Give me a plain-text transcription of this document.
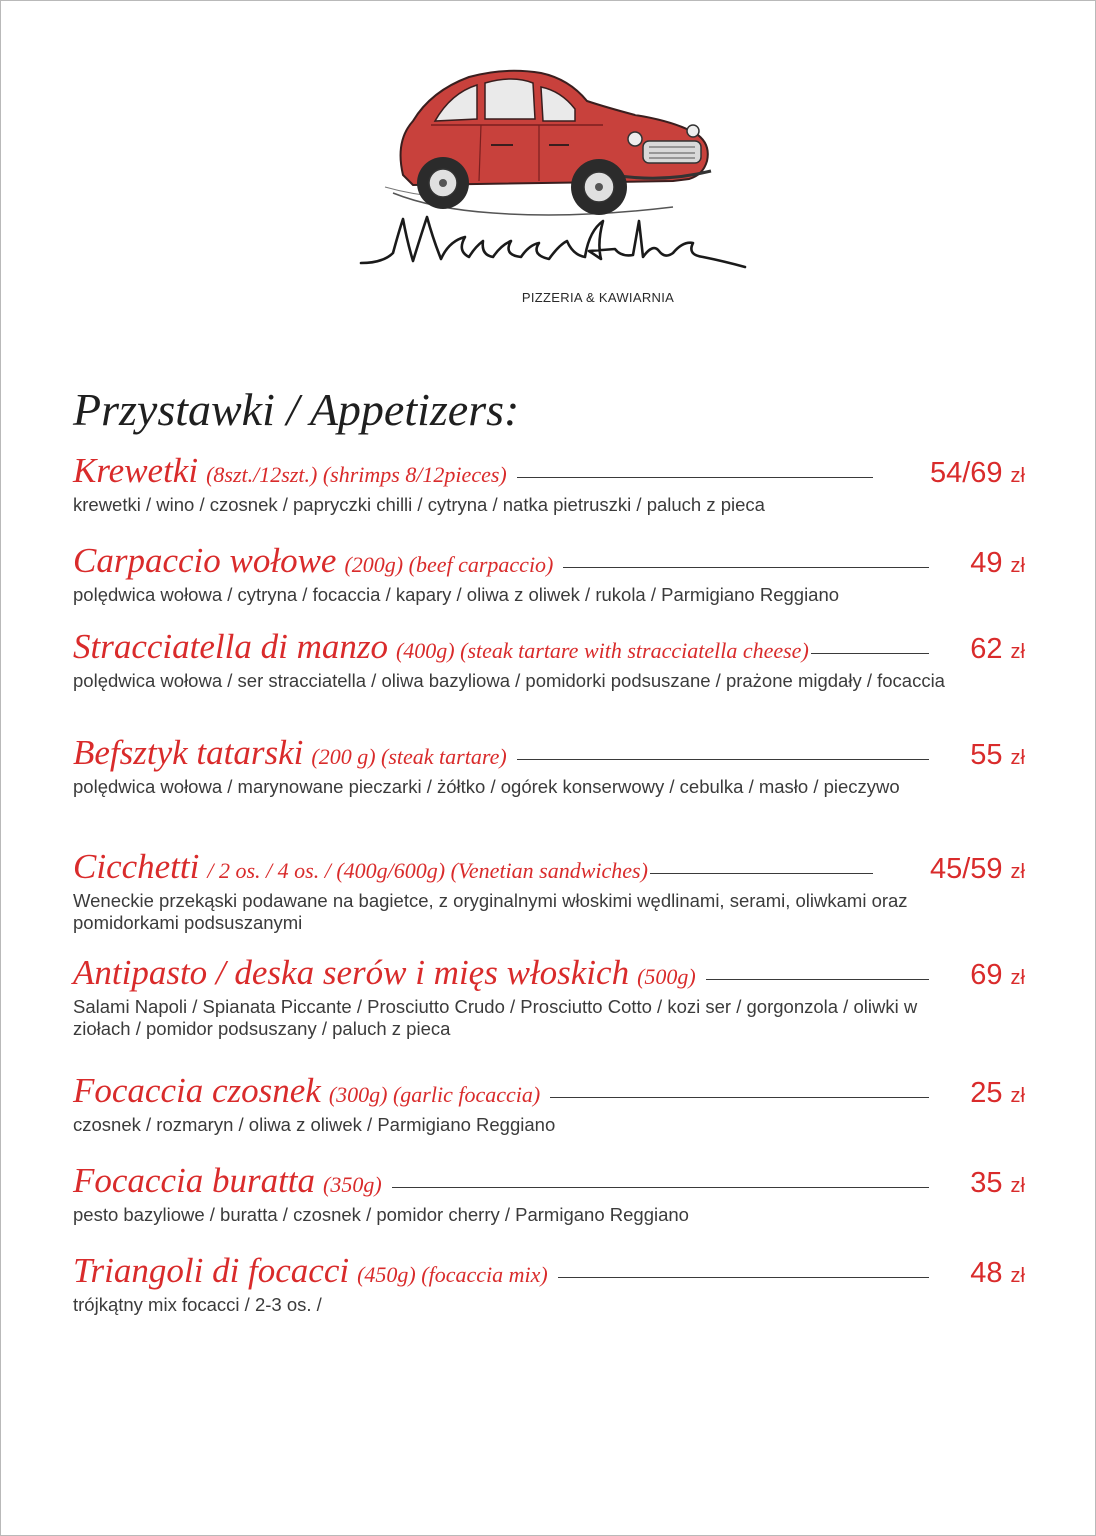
PIZZERIA & KAWIARNIA
Przystawki / Appetizers:
Krewetki (8szt./12szt.) (shrimps 8/12pieces)	54/69 zł
krewetki / wino / czosnek / papryczki chilli / cytryna / natka pietruszki / paluch z pieca
Carpaccio wołowe (200g) (beef carpaccio)	49 zł
polędwica wołowa / cytryna / focaccia / kapary / oliwa z oliwek / rukola / Parmigiano Reggiano
Stracciatella di manzo (400g) (steak tartare with stracciatella cheese)	62 zł
polędwica wołowa / ser stracciatella / oliwa bazyliowa / pomidorki podsuszane / prażone migdały / focaccia
Befsztyk tatarski (200 g) (steak tartare)	55 zł
polędwica wołowa / marynowane pieczarki / żółtko / ogórek konserwowy / cebulka / masło / pieczywo
Cicchetti / 2 os. / 4 os. / (400g/600g) (Venetian sandwiches)	45/59 zł
Weneckie przekąski podawane na bagietce, z oryginalnymi włoskimi wędlinami, serami, oliwkami oraz pomidorkami podsuszanymi
Antipasto / deska serów i mięs włoskich (500g)	69 zł
Salami Napoli / Spianata Piccante / Prosciutto Crudo / Prosciutto Cotto / kozi ser / gorgonzola / oliwki w ziołach / pomidor podsuszany / paluch z pieca
Focaccia czosnek (300g) (garlic focaccia)	25 zł
czosnek / rozmaryn / oliwa z oliwek / Parmigiano Reggiano
Focaccia buratta (350g)	35 zł
pesto bazyliowe / buratta / czosnek / pomidor cherry / Parmigano Reggiano
Triangoli di focacci (450g) (focaccia mix)	48 zł
trójkątny mix focacci / 2-3 os. /
